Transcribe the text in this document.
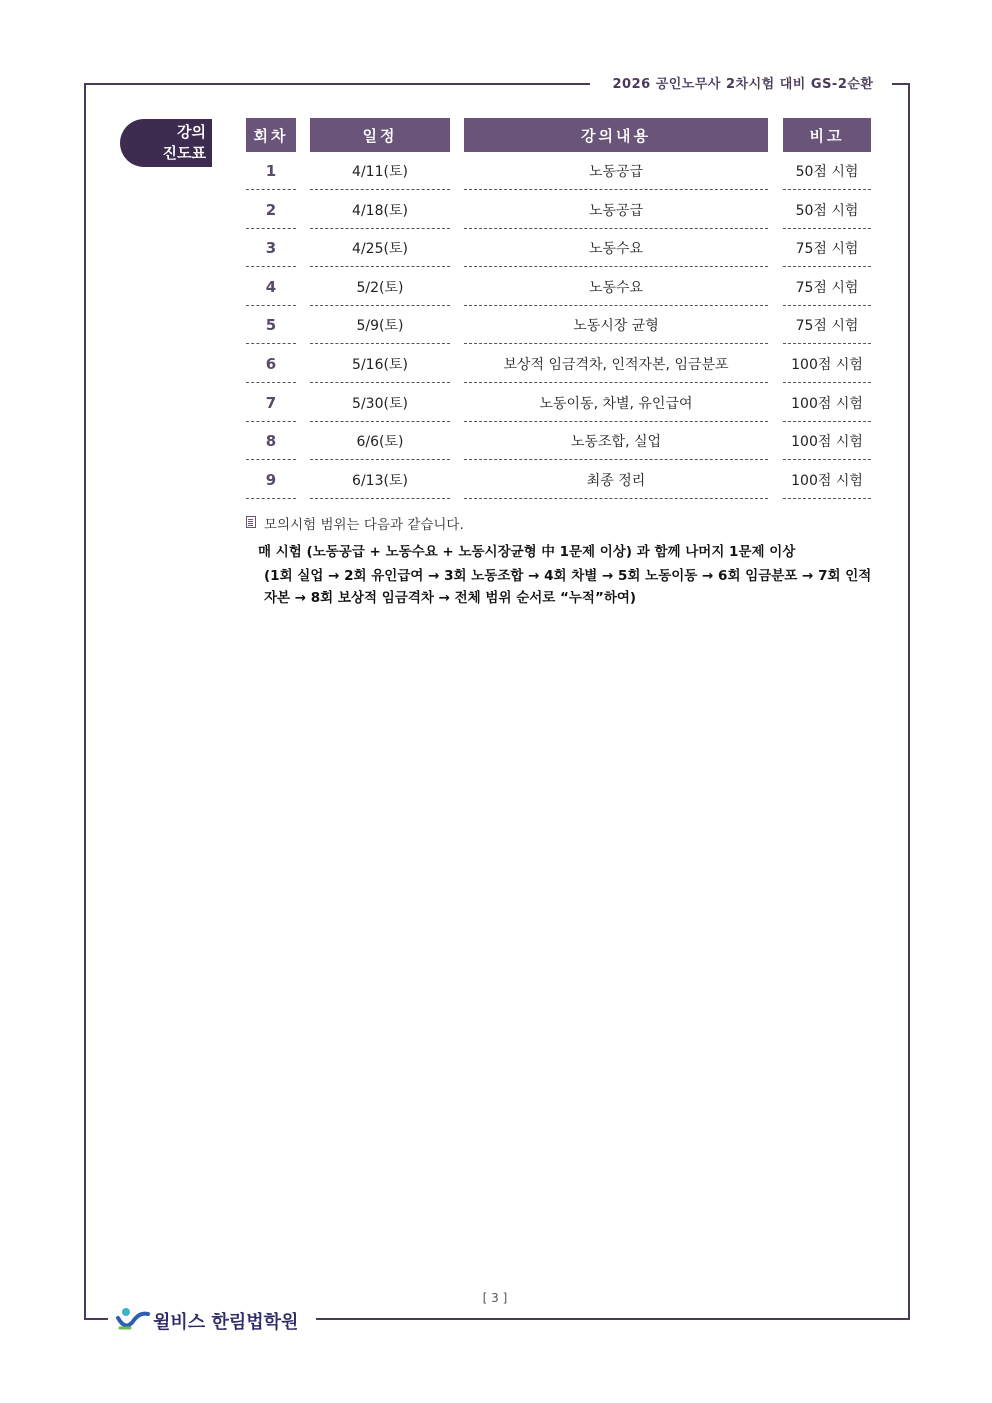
2026 공인노무사 2차시험 대비 GS-2순환
강의
진도표
회차	일정	강의내용	비고
1	4/11(토)	노동공급	50점 시험
2	4/18(토)	노동공급	50점 시험
3	4/25(토)	노동수요	75점 시험
4	5/2(토)	노동수요	75점 시험
5	5/9(토)	노동시장 균형	75점 시험
6	5/16(토)	보상적 임금격차, 인적자본, 임금분포	100점 시험
7	5/30(토)	노동이동, 차별, 유인급여	100점 시험
8	6/6(토)	노동조합, 실업	100점 시험
9	6/13(토)	최종 정리	100점 시험
모의시험 범위는 다음과 같습니다.
매 시험 (노동공급 + 노동수요 + 노동시장균형 中 1문제 이상) 과 함께 나머지 1문제 이상
(1회 실업 → 2회 유인급여 → 3회 노동조합 → 4회 차별 → 5회 노동이동 → 6회 임금분포 → 7회 인적자본 → 8회 보상적 임금격차 → 전체 범위 순서로 “누적”하여)
[ 3 ]
윌비스 한림법학원
